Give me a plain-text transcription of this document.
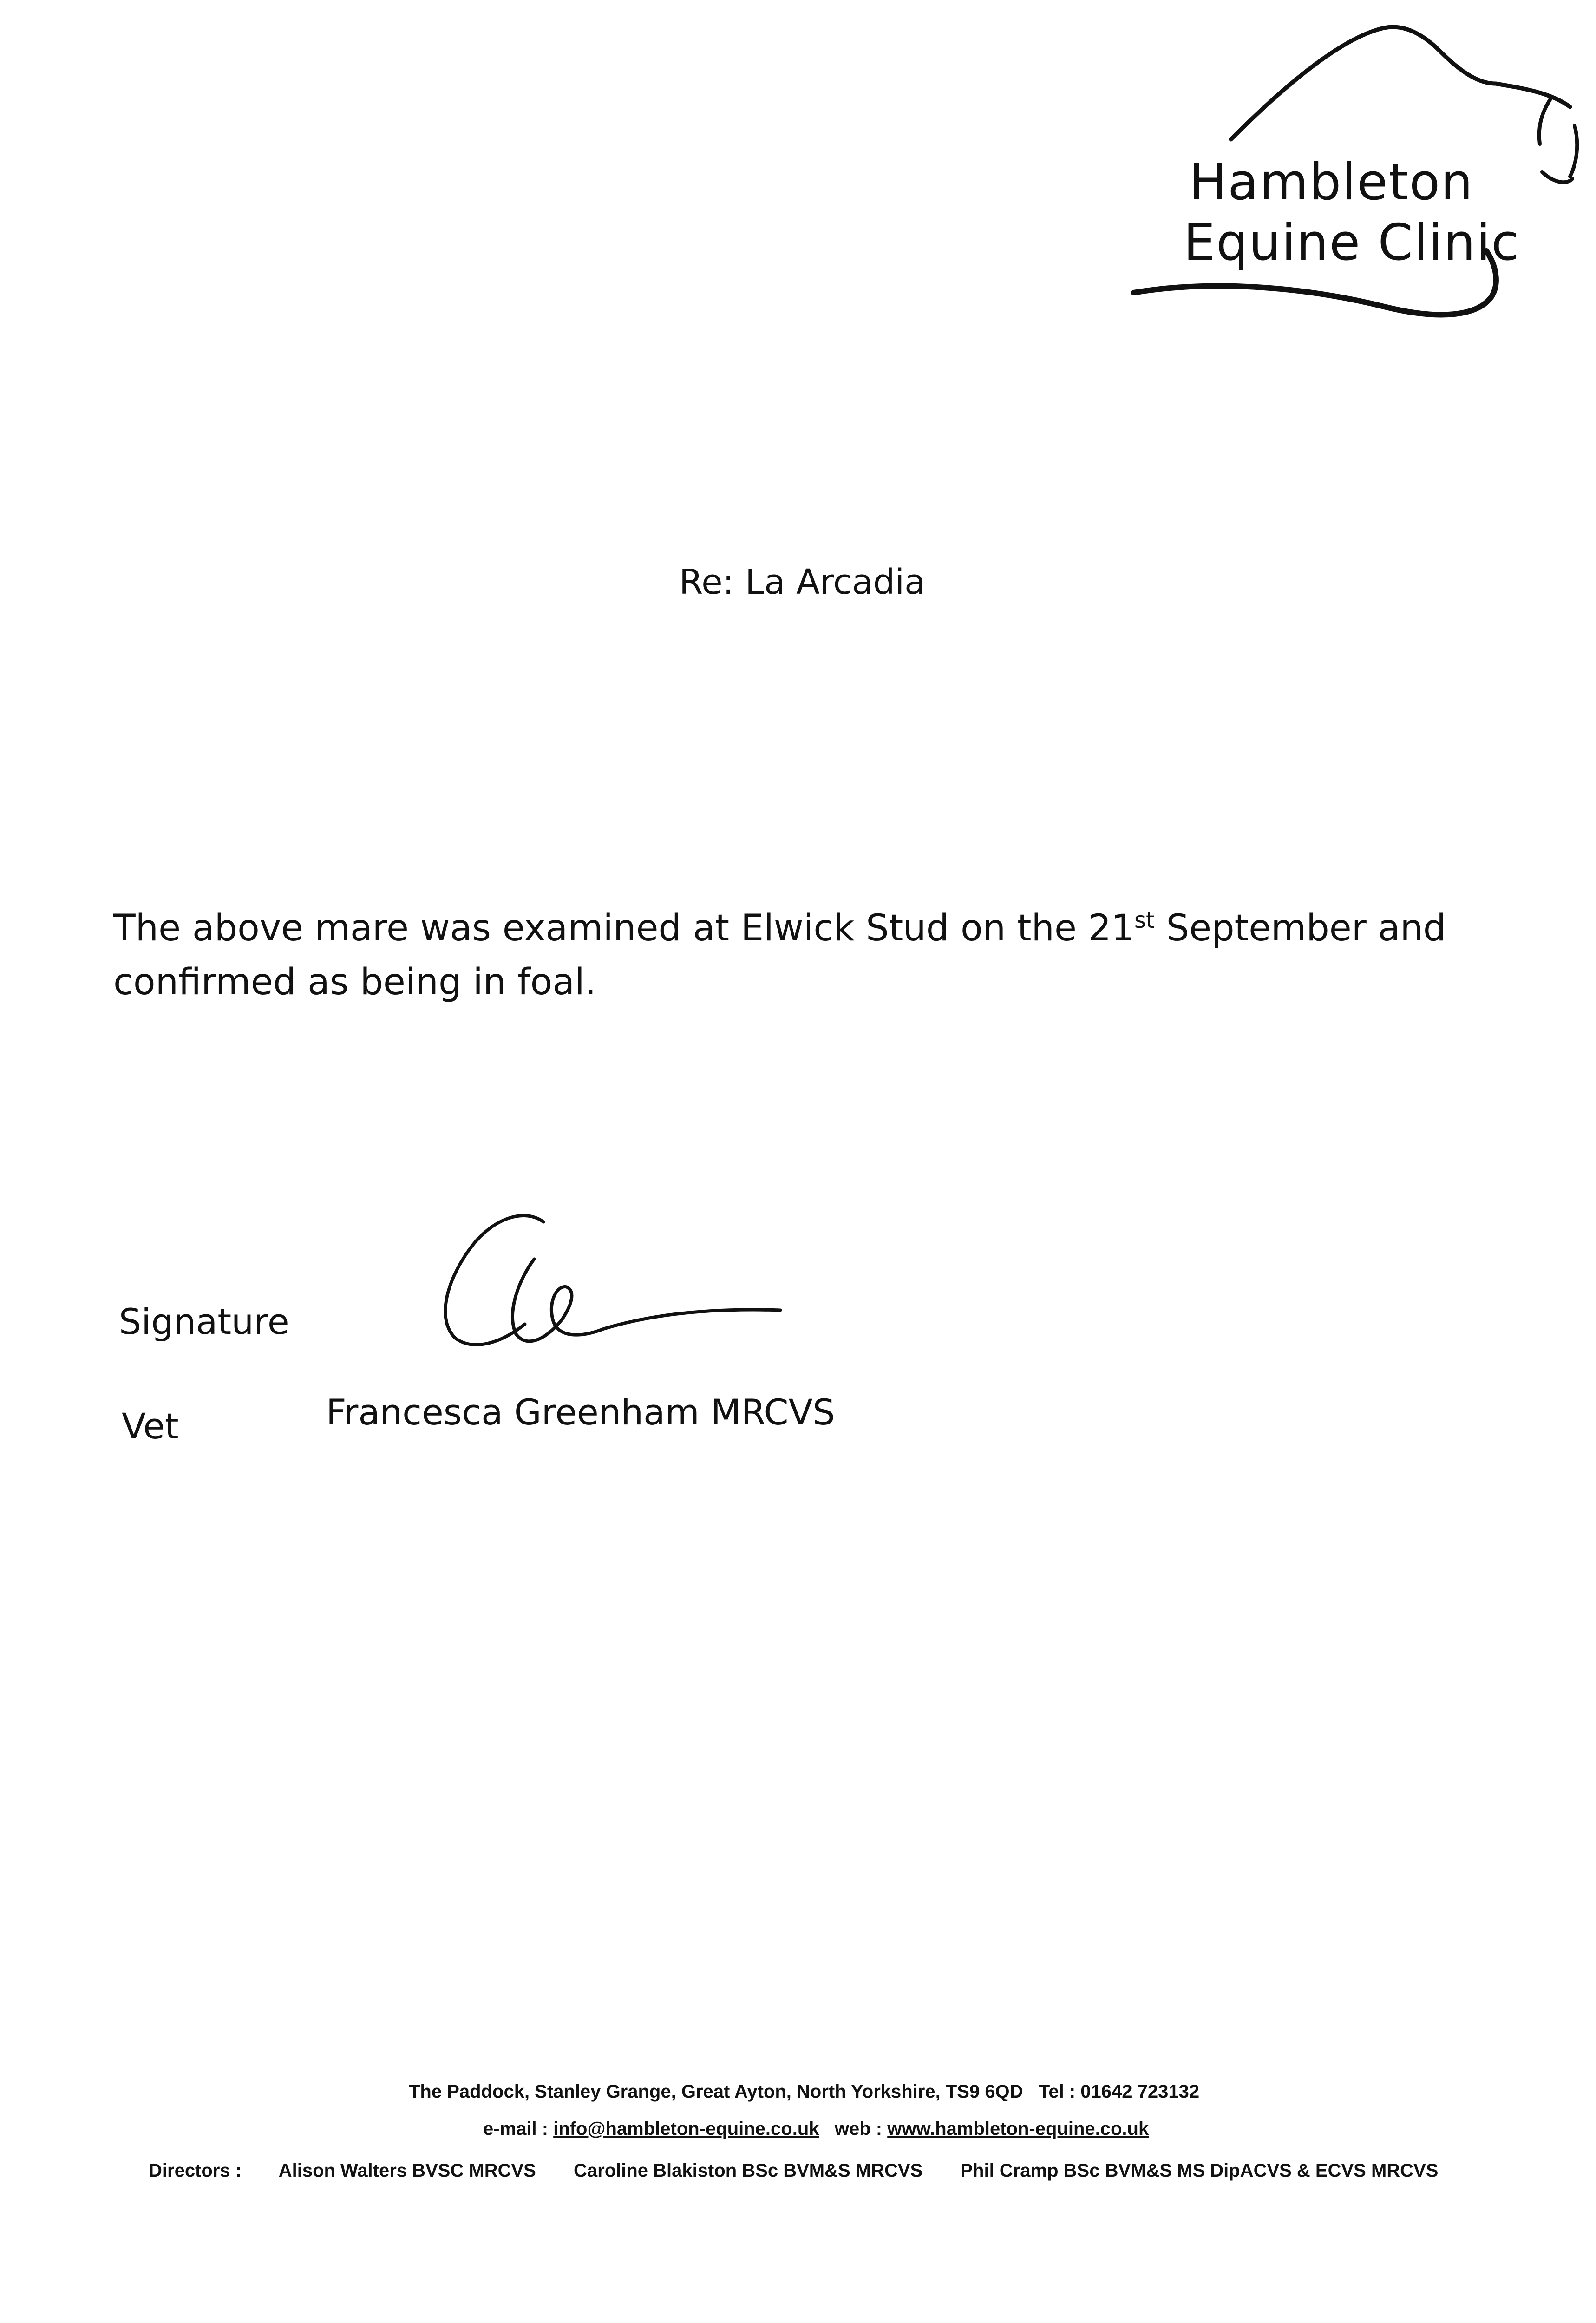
Hambleton
Equine Clinic
Re: La Arcadia
The above mare was examined at Elwick Stud on the 21st September and confirmed as being in foal.
Signature
Vet	Francesca Greenham MRCVS
The Paddock, Stanley Grange, Great Ayton, North Yorkshire, TS9 6QD Tel : 01642 723132
e-mail : info@hambleton-equine.co.uk web : www.hambleton-equine.co.uk
Directors : Alison Walters BVSC MRCVS Caroline Blakiston BSc BVM&S MRCVS Phil Cramp BSc BVM&S MS DipACVS & ECVS MRCVS
